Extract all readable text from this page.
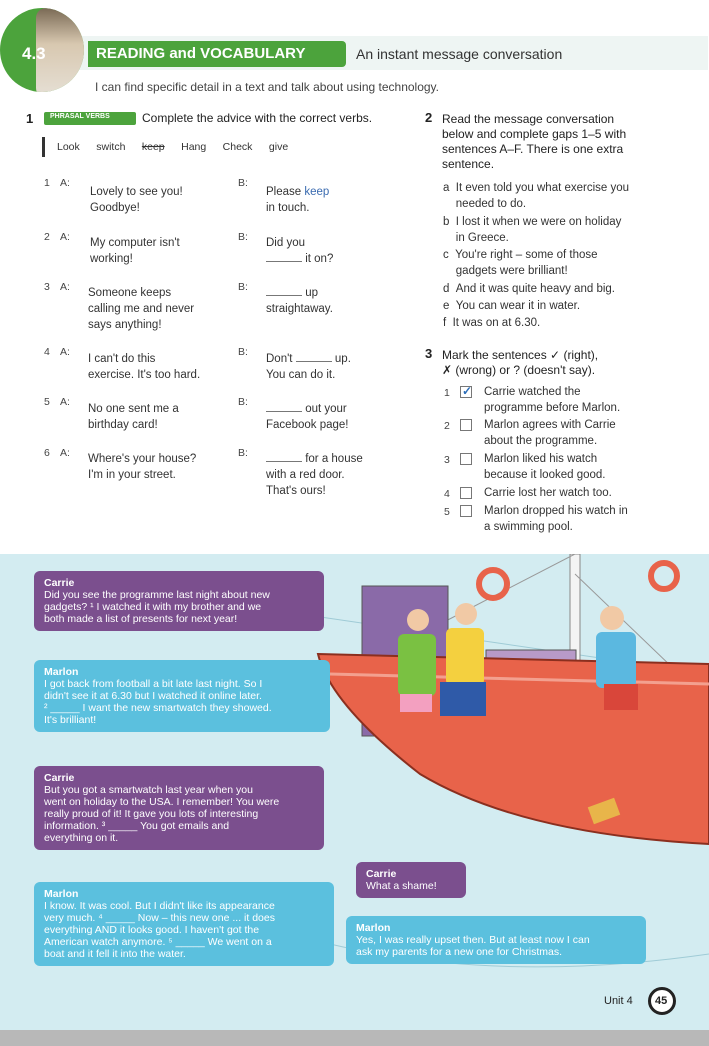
4.3	READING and VOCABULARY	An instant message conversation
I can find specific detail in a text and talk about using technology.
1 PHRASAL VERBS	Complete the advice with the correct verbs.
Look switch keep Hang Check give
1 A:
Lovely to see you!
Goodbye!
B:
Please keep
in touch.
2 A: My computer isn't
working!
B: Did you
it on?
3 A: Someone keeps
calling me and never
says anything!
B:	up
straightaway.
4 A:
I can't do this
exercise. It's too hard.
B:
Don't	up.
You can do it.
5 A:
No one sent me a
birthday card!
B:
out your
Facebook page!
6 A: Where's your house?
I'm in your street.
B:	for a house
with a red door.
That's ours!
2 Read the message conversation
below and complete gaps 1–5 with
sentences A–F. There is one extra
sentence.
a It even told you what exercise you
needed to do.
b I lost it when we were on holiday
in Greece.
c You're right – some of those
gadgets were brilliant!
d And it was quite heavy and big.
e You can wear it in water.
f It was on at 6.30.
3 Mark the sentences ✓ (right),
✗ (wrong) or ? (doesn't say).
1
✓	Carrie watched the
programme before Marlon.
2	Marlon agrees with Carrie
about the programme.
3	Marlon liked his watch
because it looked good.
4	Carrie lost her watch too.
5	Marlon dropped his watch in
a swimming pool.
Carrie
Did you see the programme last night about new
gadgets? ¹ I watched it with my brother and we
both made a list of presents for next year!
Marlon
I got back from football a bit late last night. So I
didn't see it at 6.30 but I watched it online later.
² _____ I want the new smartwatch they showed.
It's brilliant!
Carrie
But you got a smartwatch last year when you
went on holiday to the USA. I remember! You were
really proud of it! It gave you lots of interesting
information. ³ _____ You got emails and
everything on it.
Carrie
What a shame!
Marlon
I know. It was cool. But I didn't like its appearance
very much. ⁴ _____ Now – this new one ... it does
everything AND it looks good. I haven't got the
American watch anymore. ⁵ _____ We went on a
boat and it fell it into the water.
Marlon
Yes, I was really upset then. But at least now I can
ask my parents for a new one for Christmas.
Unit 4 45
